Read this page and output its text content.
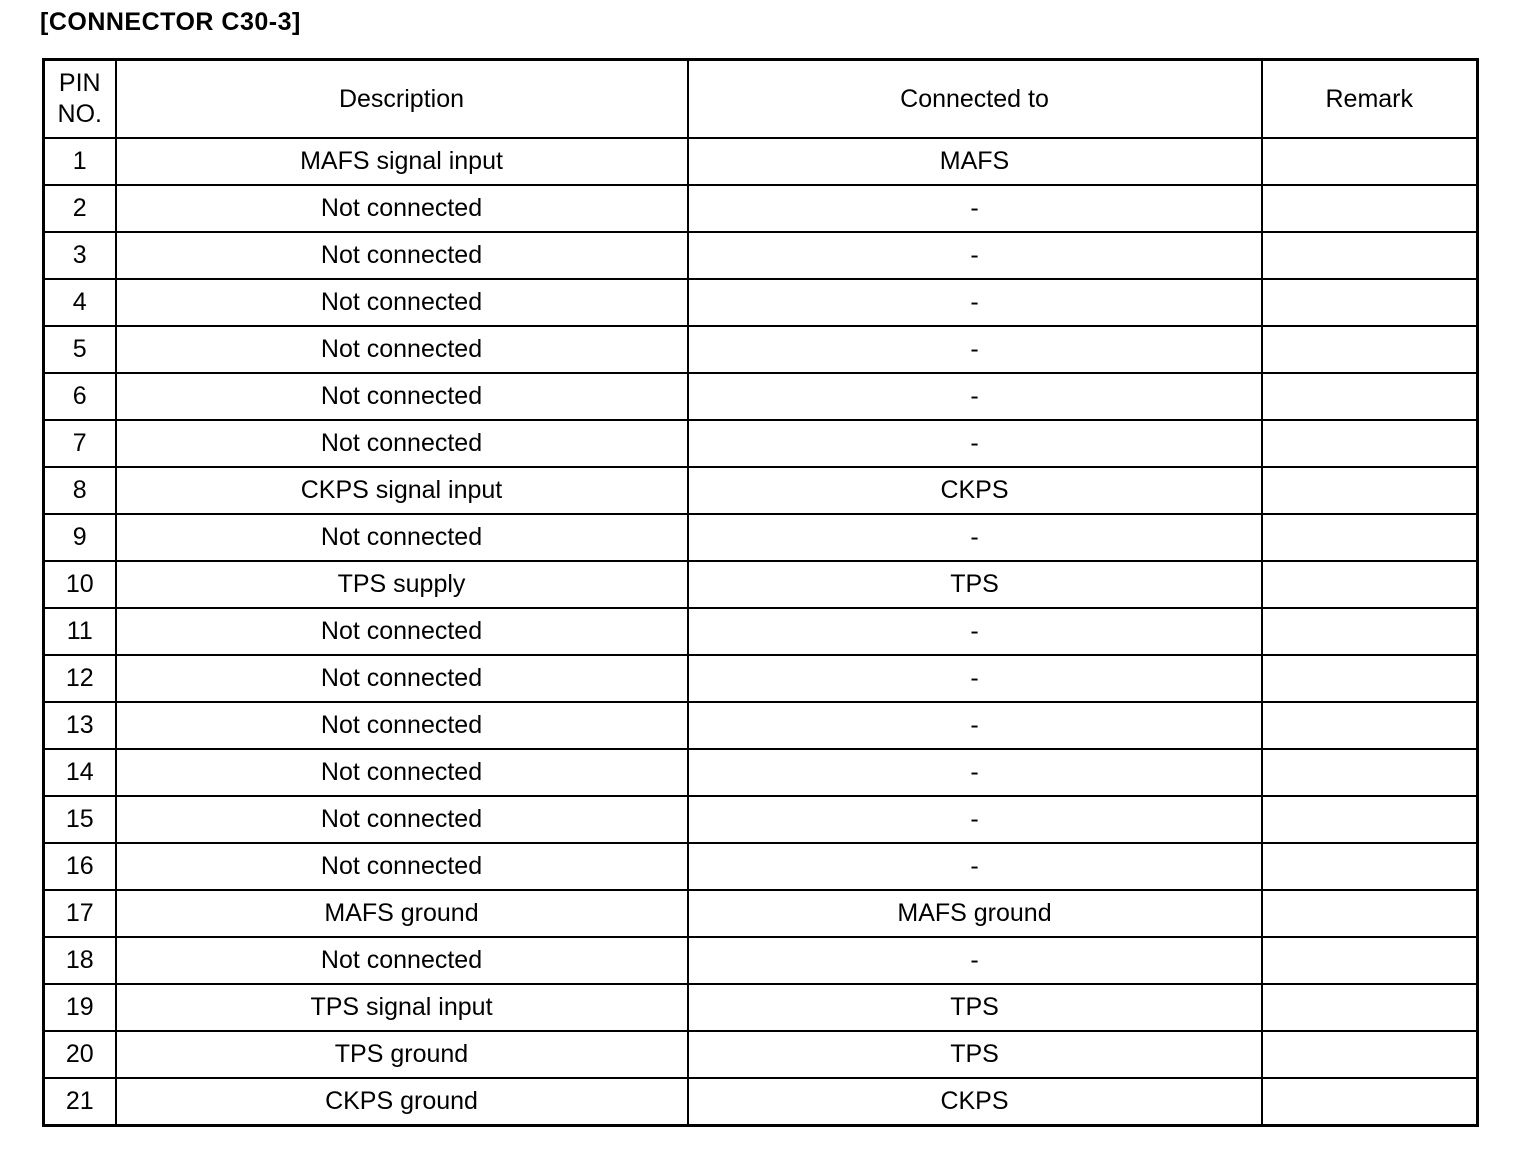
[CONNECTOR C30-3]
PIN
NO.	Description	Connected to	Remark
1	MAFS signal input	MAFS	
2	Not connected	-	
3	Not connected	-	
4	Not connected	-	
5	Not connected	-	
6	Not connected	-	
7	Not connected	-	
8	CKPS signal input	CKPS	
9	Not connected	-	
10	TPS supply	TPS	
11	Not connected	-	
12	Not connected	-	
13	Not connected	-	
14	Not connected	-	
15	Not connected	-	
16	Not connected	-	
17	MAFS ground	MAFS ground	
18	Not connected	-	
19	TPS signal input	TPS	
20	TPS ground	TPS	
21	CKPS ground	CKPS	
